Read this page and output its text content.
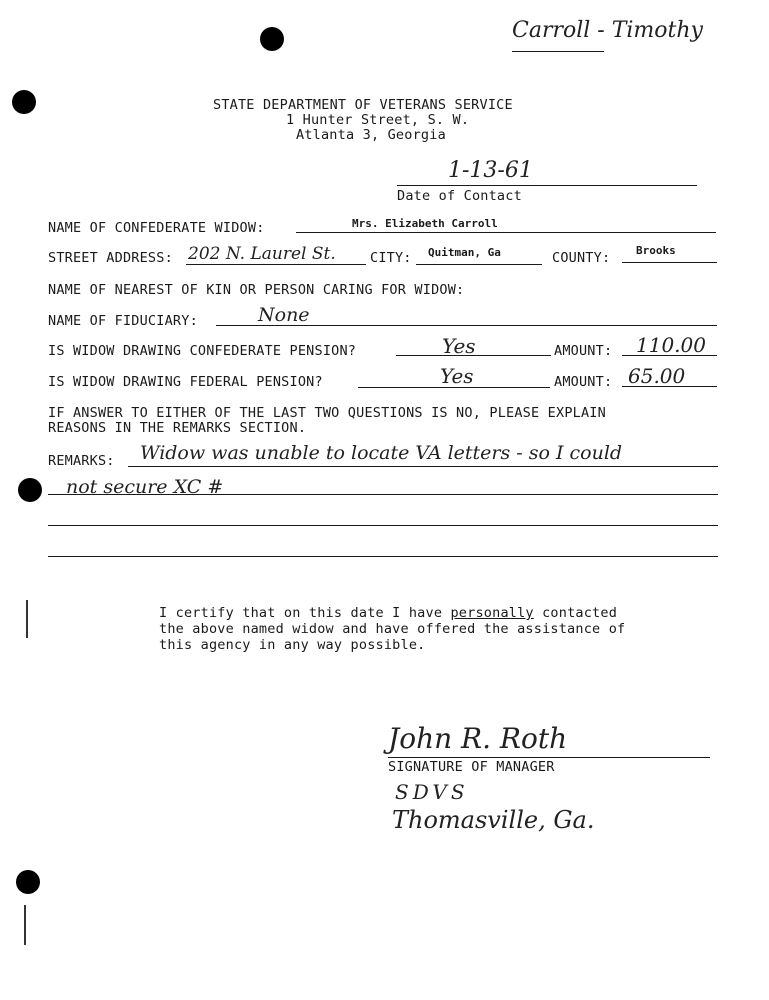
Carroll - Timothy
STATE DEPARTMENT OF VETERANS SERVICE
1 Hunter Street, S. W.
Atlanta 3, Georgia
1-13-61
Date of Contact
NAME OF CONFEDERATE WIDOW:	Mrs. Elizabeth Carroll
STREET ADDRESS: 202 N. Laurel St.	CITY: Quitman, Ga	COUNTY: Brooks
NAME OF NEAREST OF KIN OR PERSON CARING FOR WIDOW:
NAME OF FIDUCIARY:	None
IS WIDOW DRAWING CONFEDERATE PENSION?	Yes	AMOUNT: 110.00
IS WIDOW DRAWING FEDERAL PENSION?	Yes	AMOUNT: 65.00
IF ANSWER TO EITHER OF THE LAST TWO QUESTIONS IS NO, PLEASE EXPLAIN
REASONS IN THE REMARKS SECTION.
REMARKS: Widow was unable to locate VA letters - so I could
not secure XC #
I certify that on this date I have personally contacted
the above named widow and have offered the assistance of
this agency in any way possible.
John R. Roth
SIGNATURE OF MANAGER
SDVS
Thomasville, Ga.
